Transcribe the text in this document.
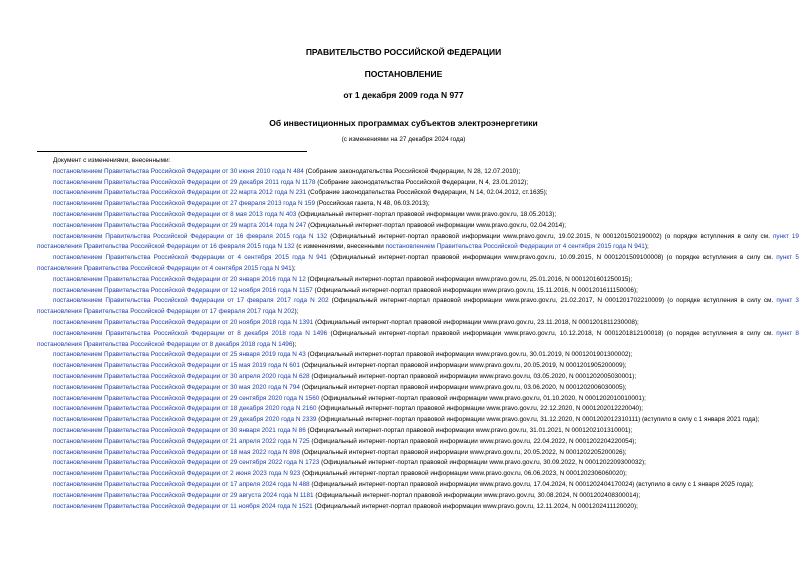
ПРАВИТЕЛЬСТВО РОССИЙСКОЙ ФЕДЕРАЦИИ
ПОСТАНОВЛЕНИЕ
от 1 декабря 2009 года N 977
Об инвестиционных программах субъектов электроэнергетики
(с изменениями на 27 декабря 2024 года)

Документ с изменениями, внесенными:

постановлением Правительства Российской Федерации от 30 июня 2010 года N 484 (Собрание законодательства Российской Федерации, N 28, 12.07.2010);

постановлением Правительства Российской Федерации от 29 декабря 2011 года N 1178 (Собрание законодательства Российской Федерации, N 4, 23.01.2012);

постановлением Правительства Российской Федерации от 22 марта 2012 года N 231 (Собрание законодательства Российской Федерации, N 14, 02.04.2012, ст.1635);

постановлением Правительства Российской Федерации от 27 февраля 2013 года N 159 (Российская газета, N 48, 06.03.2013);

постановлением Правительства Российской Федерации от 8 мая 2013 года N 403 (Официальный интернет-портал правовой информации www.pravo.gov.ru, 18.05.2013);

постановлением Правительства Российской Федерации от 29 марта 2014 года N 247 (Официальный интернет-портал правовой информации www.pravo.gov.ru, 02.04.2014);

постановлением Правительства Российской Федерации от 16 февраля 2015 года N 132 (Официальный интернет-портал правовой информации www.pravo.gov.ru, 19.02.2015, N 0001201502190002) (о порядке вступления в силу см. пункт 19 постановления Правительства Российской Федерации от 16 февраля 2015 года N 132 (с изменениями, внесенными постановлением Правительства Российской Федерации от 4 сентября 2015 года N 941);

постановлением Правительства Российской Федерации от 4 сентября 2015 года N 941 (Официальный интернет-портал правовой информации www.pravo.gov.ru, 10.09.2015, N 0001201509100008) (о порядке вступления в силу см. пункт 5 постановления Правительства Российской Федерации от 4 сентября 2015 года N 941);

постановлением Правительства Российской Федерации от 20 января 2016 года N 12 (Официальный интернет-портал правовой информации www.pravo.gov.ru, 25.01.2016, N 0001201601250015);

постановлением Правительства Российской Федерации от 12 ноября 2016 года N 1157 (Официальный интернет-портал правовой информации www.pravo.gov.ru, 15.11.2016, N 0001201611150006);

постановлением Правительства Российской Федерации от 17 февраля 2017 года N 202 (Официальный интернет-портал правовой информации www.pravo.gov.ru, 21.02.2017, N 0001201702210009) (о порядке вступления в силу см. пункт 3 постановления Правительства Российской Федерации от 17 февраля 2017 года N 202);

постановлением Правительства Российской Федерации от 20 ноября 2018 года N 1391 (Официальный интернет-портал правовой информации www.pravo.gov.ru, 23.11.2018, N 0001201811230008);

постановлением Правительства Российской Федерации от 8 декабря 2018 года N 1496 (Официальный интернет-портал правовой информации www.pravo.gov.ru, 10.12.2018, N 0001201812100018) (о порядке вступления в силу см. пункт 8 постановления Правительства Российской Федерации от 8 декабря 2018 года N 1496);

постановлением Правительства Российской Федерации от 25 января 2019 года N 43 (Официальный интернет-портал правовой информации www.pravo.gov.ru, 30.01.2019, N 0001201901300002);

постановлением Правительства Российской Федерации от 15 мая 2019 года N 601 (Официальный интернет-портал правовой информации www.pravo.gov.ru, 20.05.2019, N 0001201905200009);

постановлением Правительства Российской Федерации от 30 апреля 2020 года N 628 (Официальный интернет-портал правовой информации www.pravo.gov.ru, 03.05.2020, N 0001202005030001);

постановлением Правительства Российской Федерации от 30 мая 2020 года N 794 (Официальный интернет-портал правовой информации www.pravo.gov.ru, 03.06.2020, N 0001202006030005);

постановлением Правительства Российской Федерации от 29 сентября 2020 года N 1560 (Официальный интернет-портал правовой информации www.pravo.gov.ru, 01.10.2020, N 0001202010010001);

постановлением Правительства Российской Федерации от 18 декабря 2020 года N 2160 (Официальный интернет-портал правовой информации www.pravo.gov.ru, 22.12.2020, N 0001202012220040);

постановлением Правительства Российской Федерации от 29 декабря 2020 года N 2339 (Официальный интернет-портал правовой информации www.pravo.gov.ru, 31.12.2020, N 0001202012310111) (вступило в силу с 1 января 2021 года);

постановлением Правительства Российской Федерации от 30 января 2021 года N 86 (Официальный интернет-портал правовой информации www.pravo.gov.ru, 31.01.2021, N 0001202101310001);

постановлением Правительства Российской Федерации от 21 апреля 2022 года N 725 (Официальный интернет-портал правовой информации www.pravo.gov.ru, 22.04.2022, N 0001202204220054);

постановлением Правительства Российской Федерации от 18 мая 2022 года N 898 (Официальный интернет-портал правовой информации www.pravo.gov.ru, 20.05.2022, N 0001202205200026);

постановлением Правительства Российской Федерации от 29 сентября 2022 года N 1723 (Официальный интернет-портал правовой информации www.pravo.gov.ru, 30.09.2022, N 0001202209300032);

постановлением Правительства Российской Федерации от 2 июня 2023 года N 923 (Официальный интернет-портал правовой информации www.pravo.gov.ru, 06.06.2023, N 0001202306060020);

постановлением Правительства Российской Федерации от 17 апреля 2024 года N 488 (Официальный интернет-портал правовой информации www.pravo.gov.ru, 17.04.2024, N 0001202404170024) (вступило в силу с 1 января 2025 года);

постановлением Правительства Российской Федерации от 29 августа 2024 года N 1181 (Официальный интернет-портал правовой информации www.pravo.gov.ru, 30.08.2024, N 0001202408300014);

постановлением Правительства Российской Федерации от 11 ноября 2024 года N 1521 (Официальный интернет-портал правовой информации www.pravo.gov.ru, 12.11.2024, N 0001202411120020);
